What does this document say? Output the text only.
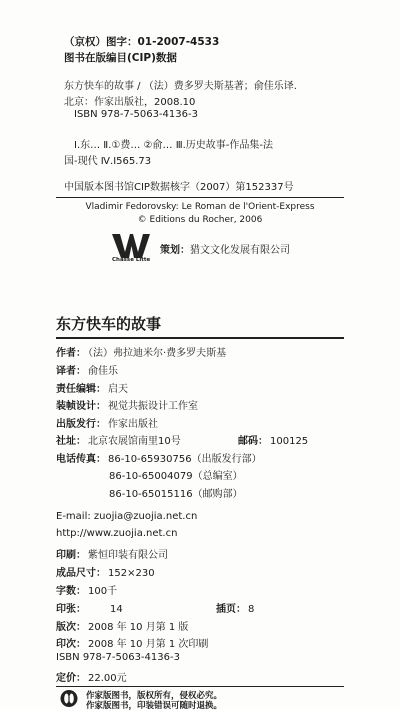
（京权）图字：01-2007-4533
图书在版编目(CIP)数据
东方快车的故事 / （法）费多罗夫斯基著；俞佳乐译.
北京：作家出版社，2008.10
ISBN 978-7-5063-4136-3
Ⅰ.东… Ⅱ.①费… ②俞… Ⅲ.历史故事-作品集-法
国-现代 Ⅳ.I565.73
中国版本图书馆CIP数据核字（2007）第152337号
Vladimir Fedorovsky: Le Roman de l'Orient-Express
© Editions du Rocher, 2006
Chasse Litte
策划： 猎文文化发展有限公司
东方快车的故事
作者： （法）弗拉迪米尔·费多罗夫斯基
译者： 俞佳乐
责任编辑： 启天
装帧设计： 视觉共振设计工作室
出版发行： 作家出版社
社址： 北京农展馆南里10号	邮码： 100125
电话传真： 86-10-65930756（出版发行部）
86-10-65004079（总编室）
86-10-65015116（邮购部）
E-mail: zuojia@zuojia.net.cn
http://www.zuojia.net.cn
印刷： 紫恒印装有限公司
成品尺寸： 152×230
字数： 100千
印张： 14	插页： 8
版次： 2008 年 10 月第 1 版
印次： 2008 年 10 月第 1 次印刷
ISBN 978-7-5063-4136-3
定价： 22.00元
作家版图书，版权所有，侵权必究。
作家版图书，印装错误可随时退换。
